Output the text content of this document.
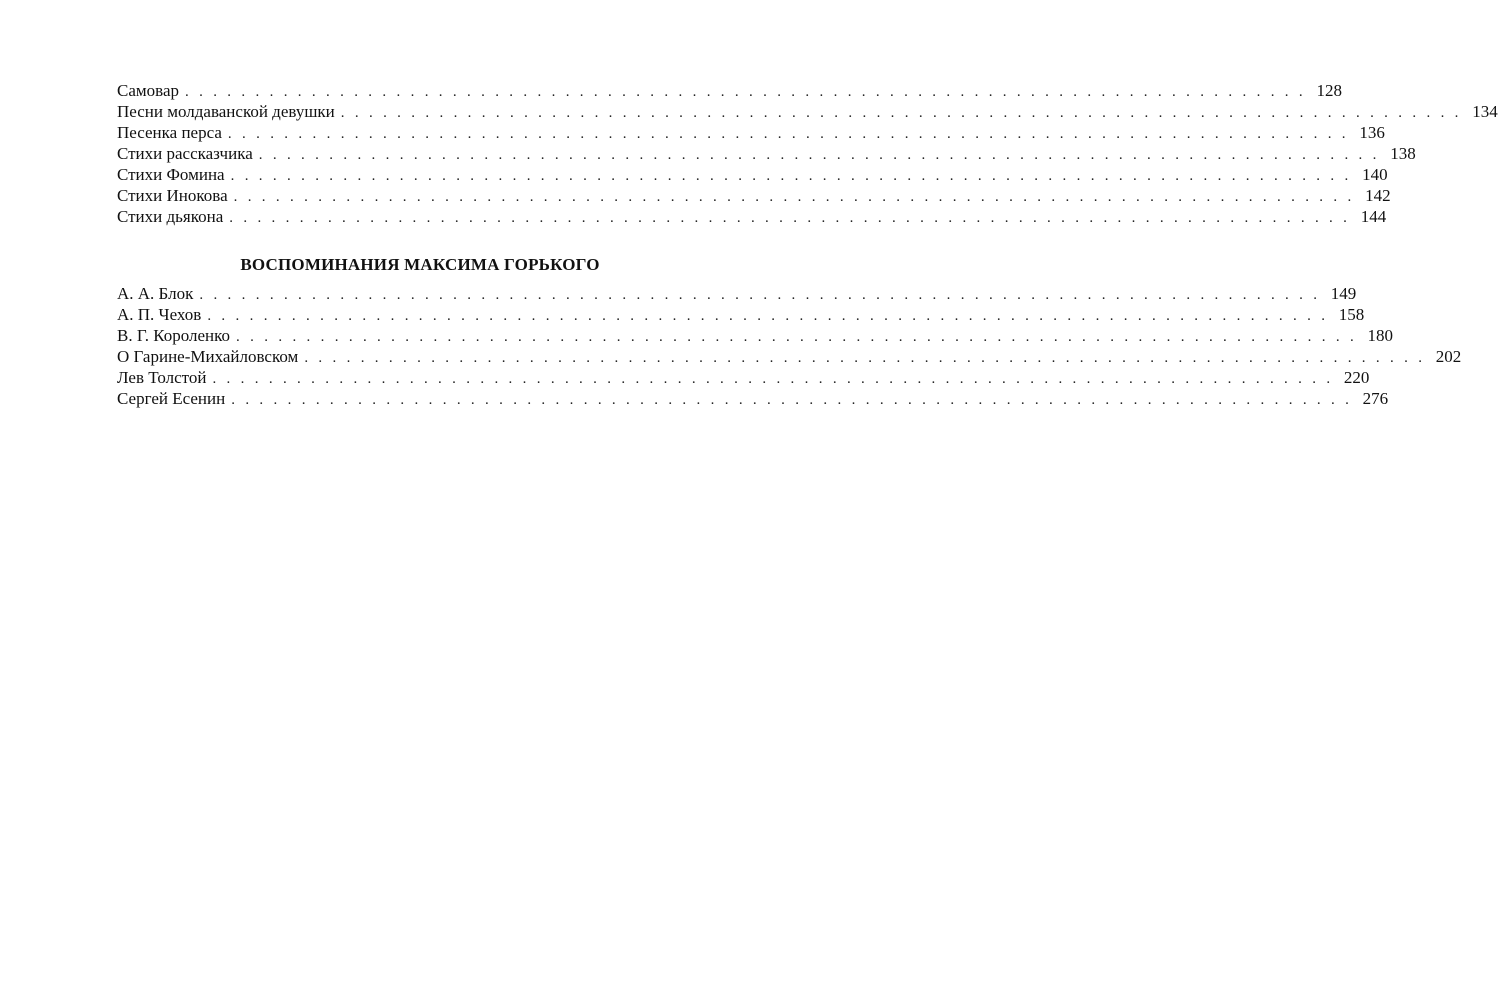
Самовар . . . . . . . . . . . . . . . . . . . . . . . . . . . . . . . . . . . . . . . . . . . . . . . . . . . . . . . . . . . . . . . . . . . . . . . . . . . . . . . . 128
Песни молдаванской девушки . . . . . . . . . . . . . . . . . . . . . . . . . . . . . . . . . . . . . . . . . . . . . . . . . . . . . . . . . . . . . . . . . . . . . . . . . . . . . . . . 134
Песенка перса . . . . . . . . . . . . . . . . . . . . . . . . . . . . . . . . . . . . . . . . . . . . . . . . . . . . . . . . . . . . . . . . . . . . . . . . . . . . . . . . 136
Стихи рассказчика . . . . . . . . . . . . . . . . . . . . . . . . . . . . . . . . . . . . . . . . . . . . . . . . . . . . . . . . . . . . . . . . . . . . . . . . . . . . . . . . 138
Стихи Фомина . . . . . . . . . . . . . . . . . . . . . . . . . . . . . . . . . . . . . . . . . . . . . . . . . . . . . . . . . . . . . . . . . . . . . . . . . . . . . . . . 140
Стихи Инокова . . . . . . . . . . . . . . . . . . . . . . . . . . . . . . . . . . . . . . . . . . . . . . . . . . . . . . . . . . . . . . . . . . . . . . . . . . . . . . . . 142
Стихи дьякона . . . . . . . . . . . . . . . . . . . . . . . . . . . . . . . . . . . . . . . . . . . . . . . . . . . . . . . . . . . . . . . . . . . . . . . . . . . . . . . . 144
ВОСПОМИНАНИЯ МАКСИМА ГОРЬКОГО
А. А. Блок . . . . . . . . . . . . . . . . . . . . . . . . . . . . . . . . . . . . . . . . . . . . . . . . . . . . . . . . . . . . . . . . . . . . . . . . . . . . . . . . 149
А. П. Чехов . . . . . . . . . . . . . . . . . . . . . . . . . . . . . . . . . . . . . . . . . . . . . . . . . . . . . . . . . . . . . . . . . . . . . . . . . . . . . . . . 158
В. Г. Короленко . . . . . . . . . . . . . . . . . . . . . . . . . . . . . . . . . . . . . . . . . . . . . . . . . . . . . . . . . . . . . . . . . . . . . . . . . . . . . . . . 180
О Гарине-Михайловском . . . . . . . . . . . . . . . . . . . . . . . . . . . . . . . . . . . . . . . . . . . . . . . . . . . . . . . . . . . . . . . . . . . . . . . . . . . . . . . . 202
Лев Толстой . . . . . . . . . . . . . . . . . . . . . . . . . . . . . . . . . . . . . . . . . . . . . . . . . . . . . . . . . . . . . . . . . . . . . . . . . . . . . . . . 220
Сергей Есенин . . . . . . . . . . . . . . . . . . . . . . . . . . . . . . . . . . . . . . . . . . . . . . . . . . . . . . . . . . . . . . . . . . . . . . . . . . . . . . . . 276
